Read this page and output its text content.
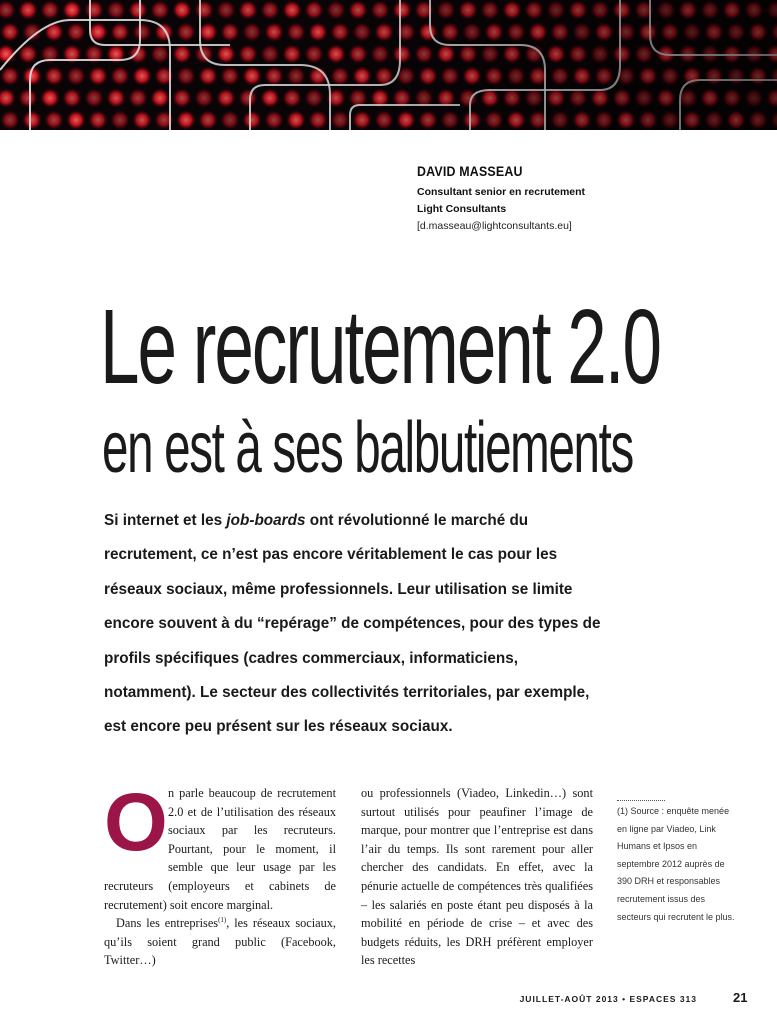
DAVID MASSEAU
Consultant senior en recrutement
Light Consultants
[d.masseau@lightconsultants.eu]
Le recrutement 2.0
en est à ses balbutiements

Si internet et les job-boards ont révolutionné le marché du recrutement, ce n’est pas encore véritablement le cas pour les réseaux sociaux, même professionnels. Leur utilisation se limite encore souvent à du “repérage” de compétences, pour des types de profils spécifiques (cadres commerciaux, informaticiens, notamment). Le secteur des collectivités territoriales, par exemple, est encore peu présent sur les réseaux sociaux.

O n parle beaucoup de recrutement 2.0 et de l’utilisation des réseaux sociaux par les recruteurs. Pourtant, pour le moment, il semble que leur usage par les recruteurs (employeurs et cabinets de recrutement) soit encore marginal.

Dans les entreprises$^{(1)}$, les réseaux sociaux, qu’ils soient grand public (Facebook, Twitter…)

ou professionnels (Viadeo, Linkedin…) sont surtout utilisés pour peaufiner l’image de marque, pour montrer que l’entreprise est dans l’air du temps. Ils sont rarement pour aller chercher des candidats. En effet, avec la pénurie actuelle de compétences très qualifiées – les salariés en poste étant peu disposés à la mobilité en période de crise – et avec des budgets réduits, les DRH préfèrent employer les recettes

(1) Source : enquête menée en ligne par Viadeo, Link Humans et Ipsos en septembre 2012 auprès de 390 DRH et responsables recrutement issus des secteurs qui recrutent le plus.
JUILLET-AOÛT 2013 • ESPACES 313	21
